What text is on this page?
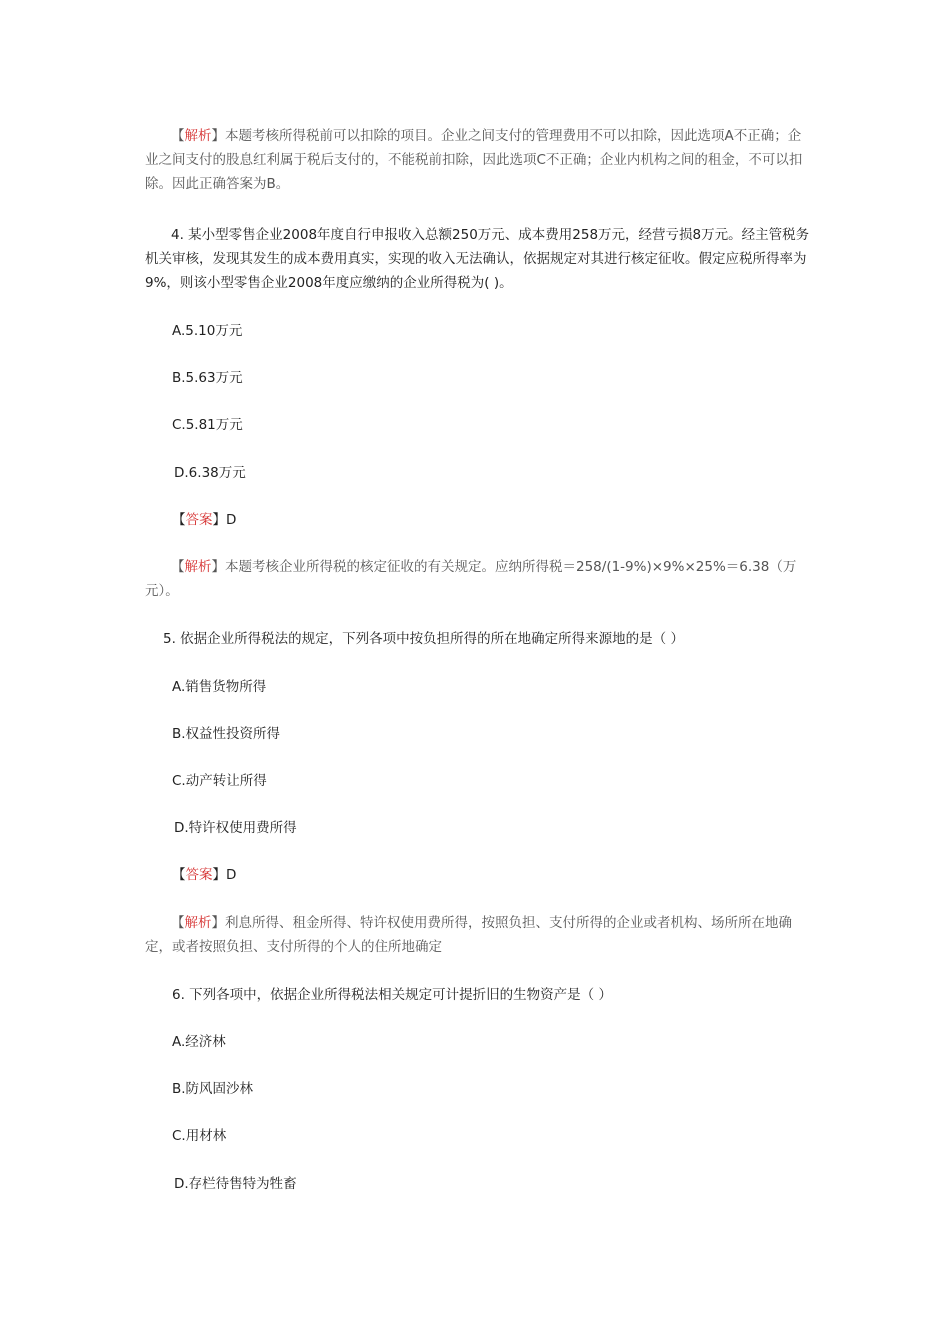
【解析】本题考核所得税前可以扣除的项目。企业之间支付的管理费用不可以扣除，因此选项A不正确；企业之间支付的股息红利属于税后支付的，不能税前扣除，因此选项C不正确；企业内机构之间的租金，不可以扣除。因此正确答案为B。

4. 某小型零售企业2008年度自行申报收入总额250万元、成本费用258万元，经营亏损8万元。经主管税务机关审核，发现其发生的成本费用真实，实现的收入无法确认，依据规定对其进行核定征收。假定应税所得率为9%，则该小型零售企业2008年度应缴纳的企业所得税为( )。

A.5.10万元

B.5.63万元

C.5.81万元

D.6.38万元

【答案】D

【解析】本题考核企业所得税的核定征收的有关规定。应纳所得税＝258/(1-9%)×9%×25%＝6.38（万元）。

5. 依据企业所得税法的规定，下列各项中按负担所得的所在地确定所得来源地的是（ ）

A.销售货物所得

B.权益性投资所得

C.动产转让所得

D.特许权使用费所得

【答案】D

【解析】利息所得、租金所得、特许权使用费所得，按照负担、支付所得的企业或者机构、场所所在地确定，或者按照负担、支付所得的个人的住所地确定

6. 下列各项中，依据企业所得税法相关规定可计提折旧的生物资产是（ ）

A.经济林

B.防风固沙林

C.用材林

D.存栏待售特为牲畜
